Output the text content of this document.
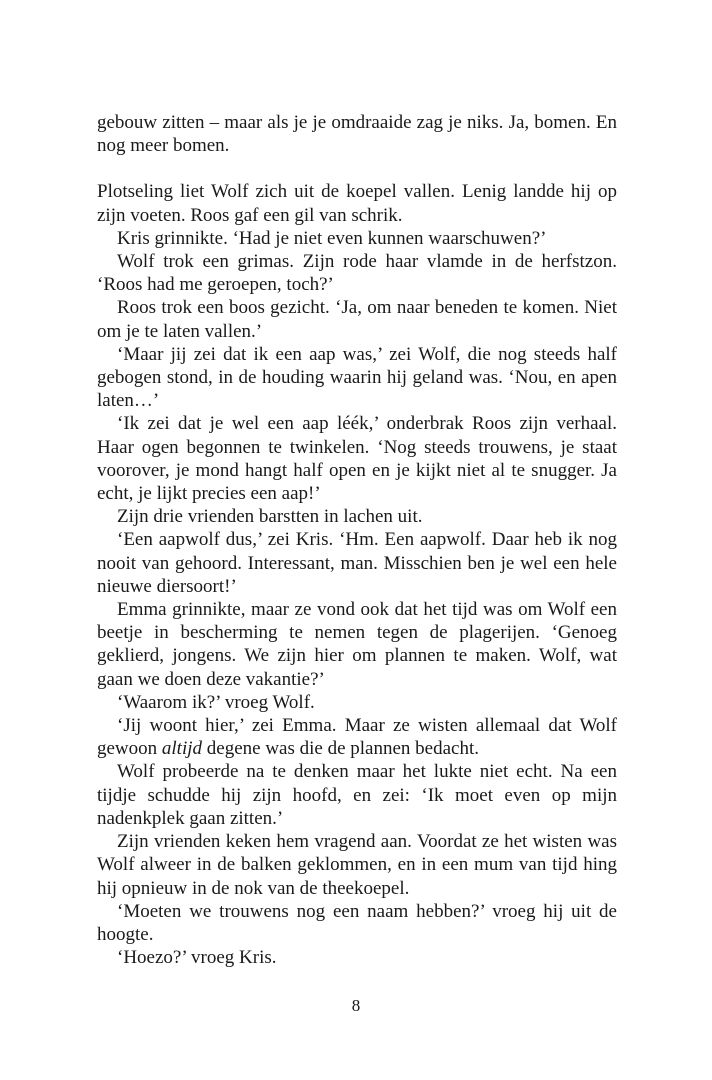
gebouw zitten – maar als je je omdraaide zag je niks. Ja, bomen. En nog meer bomen.

Plotseling liet Wolf zich uit de koepel vallen. Lenig landde hij op zijn voeten. Roos gaf een gil van schrik.

Kris grinnikte. ‘Had je niet even kunnen waarschuwen?’

Wolf trok een grimas. Zijn rode haar vlamde in de herfstzon. ‘Roos had me geroepen, toch?’

Roos trok een boos gezicht. ‘Ja, om naar beneden te komen. Niet om je te laten vallen.’

‘Maar jij zei dat ik een aap was,’ zei Wolf, die nog steeds half gebogen stond, in de houding waarin hij geland was. ‘Nou, en apen laten…’

‘Ik zei dat je wel een aap léék,’ onderbrak Roos zijn verhaal. Haar ogen begonnen te twinkelen. ‘Nog steeds trouwens, je staat voorover, je mond hangt half open en je kijkt niet al te snugger. Ja echt, je lijkt precies een aap!’

Zijn drie vrienden barstten in lachen uit.

‘Een aapwolf dus,’ zei Kris. ‘Hm. Een aapwolf. Daar heb ik nog nooit van gehoord. Interessant, man. Misschien ben je wel een hele nieuwe diersoort!’

Emma grinnikte, maar ze vond ook dat het tijd was om Wolf een beetje in bescherming te nemen tegen de plagerijen. ‘Genoeg geklierd, jongens. We zijn hier om plannen te maken. Wolf, wat gaan we doen deze vakantie?’

‘Waarom ik?’ vroeg Wolf.

‘Jij woont hier,’ zei Emma. Maar ze wisten allemaal dat Wolf gewoon altijd degene was die de plannen bedacht.

Wolf probeerde na te denken maar het lukte niet echt. Na een tijdje schudde hij zijn hoofd, en zei: ‘Ik moet even op mijn nadenkplek gaan zitten.’

Zijn vrienden keken hem vragend aan. Voordat ze het wisten was Wolf alweer in de balken geklommen, en in een mum van tijd hing hij opnieuw in de nok van de theekoepel.

‘Moeten we trouwens nog een naam hebben?’ vroeg hij uit de hoogte.

‘Hoezo?’ vroeg Kris.

8
